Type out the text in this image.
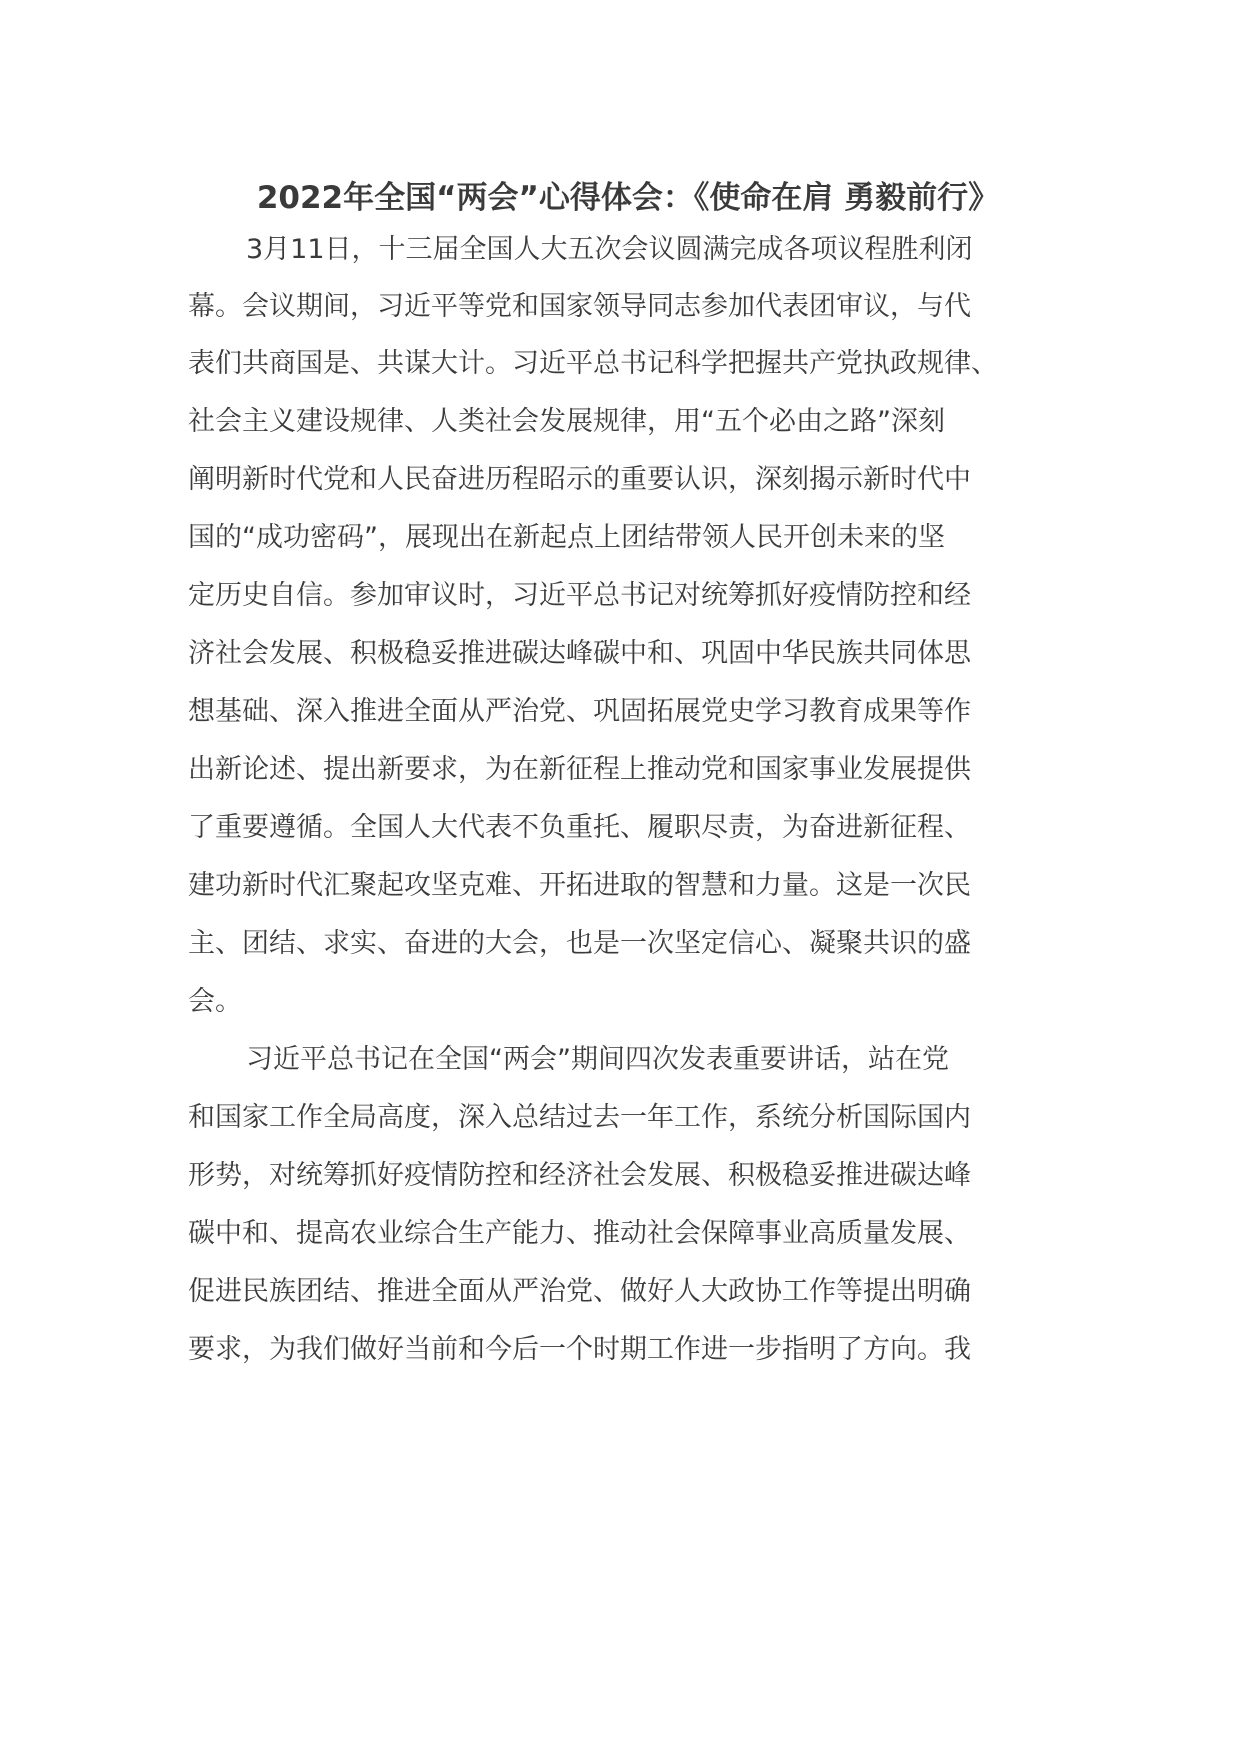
2022年全国“两会”心得体会：《使命在肩 勇毅前行》

3月11日，十三届全国人大五次会议圆满完成各项议程胜利闭

幕。会议期间，习近平等党和国家领导同志参加代表团审议，与代

表们共商国是、共谋大计。习近平总书记科学把握共产党执政规律、

社会主义建设规律、人类社会发展规律，用“五个必由之路”深刻

阐明新时代党和人民奋进历程昭示的重要认识，深刻揭示新时代中

国的“成功密码”，展现出在新起点上团结带领人民开创未来的坚

定历史自信。参加审议时，习近平总书记对统筹抓好疫情防控和经

济社会发展、积极稳妥推进碳达峰碳中和、巩固中华民族共同体思

想基础、深入推进全面从严治党、巩固拓展党史学习教育成果等作

出新论述、提出新要求，为在新征程上推动党和国家事业发展提供

了重要遵循。全国人大代表不负重托、履职尽责，为奋进新征程、

建功新时代汇聚起攻坚克难、开拓进取的智慧和力量。这是一次民

主、团结、求实、奋进的大会，也是一次坚定信心、凝聚共识的盛

会。

习近平总书记在全国“两会”期间四次发表重要讲话，站在党

和国家工作全局高度，深入总结过去一年工作，系统分析国际国内

形势，对统筹抓好疫情防控和经济社会发展、积极稳妥推进碳达峰

碳中和、提高农业综合生产能力、推动社会保障事业高质量发展、

促进民族团结、推进全面从严治党、做好人大政协工作等提出明确

要求，为我们做好当前和今后一个时期工作进一步指明了方向。我
